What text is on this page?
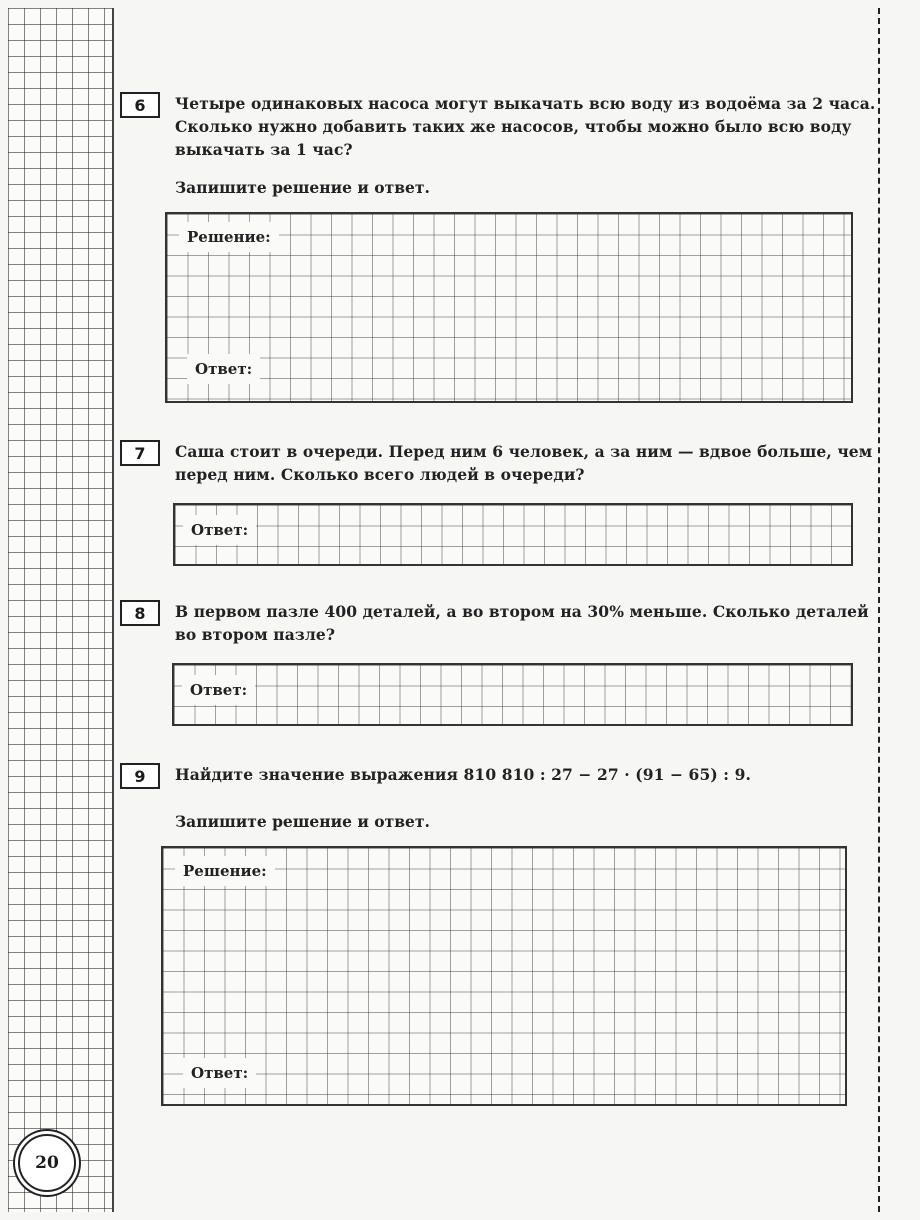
20
6	Четыре одинаковых насоса могут выкачать всю воду из водоёма за 2 часа. Сколько нужно добавить таких же насосов, чтобы можно было всю воду выкачать за 1 час?
Запишите решение и ответ.
Решение:
Ответ:
7	Саша стоит в очереди. Перед ним 6 человек, а за ним — вдвое больше, чем перед ним. Сколько всего людей в очереди?
Ответ:
8	В первом пазле 400 деталей, а во втором на 30% меньше. Сколько деталей во втором пазле?
Ответ:
9	Найдите значение выражения 810 810 : 27 − 27 · (91 − 65) : 9.
Запишите решение и ответ.
Решение:
Ответ:
